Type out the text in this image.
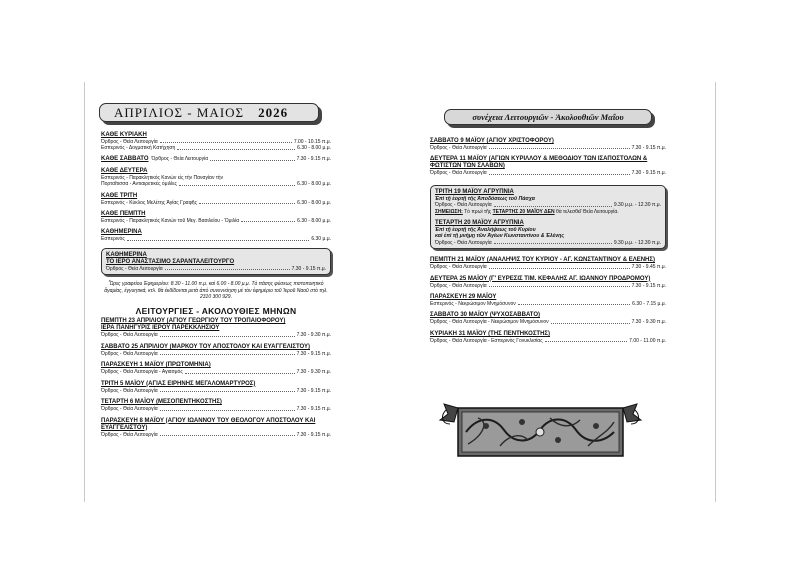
ΑΠΡΙΛΙΟΣ - ΜΑΙΟΣ 2026
ΚΑΘΕ ΚΥΡΙΑΚΗ
Όρθρος - Θεία Λειτουργία	7.00 - 10.15 π.μ.
Εσπερινός - Δογματική Κατήχηση	6.30 - 8.00 μ.μ.
ΚΑΘΕ ΣΑΒΒΑΤΟ Όρθρος - Θεία Λειτουργία	7.30 - 9.15 π.μ.
ΚΑΘΕ ΔΕΥΤΕΡΑ
Εσπερινός - Παρακλητικός Κανών εἰς τὴν Παναγίαν τὴν
Πορταΐτισσα - Αντιαιρετικές ὁμιλίες	6.30 - 8.00 μ.μ.
ΚΑΘΕ ΤΡΙΤΗ
Εσπερινός - Κύκλος Μελέτης Ἁγίας Γραφῆς	6.30 - 8.00 μ.μ.
ΚΑΘΕ ΠΕΜΠΤΗ
Εσπερινός - Παρακλητικός Κανών τοῦ Μεγ. Βασιλείου - Ὁμιλία	6.30 - 8.00 μ.μ.
ΚΑΘΗΜΕΡΙΝΑ
Εσπερινός	6.30 μ.μ.
ΚΑΘΗΜΕΡΙΝΑ
ΤΟ ΙΕΡΟ ΑΝΑΣΤΑΣΙΜΟ ΣΑΡΑΝΤΑΛΕΙΤΟΥΡΓΟ
Όρθρος - Θεία Λειτουργία	7.30 - 9.15 π.μ.
Ὧρες γραφείου Ἑφημερίου: 8.30 - 11.00 π.μ. καὶ 6.00 - 8.00 μ.μ. Τὸ πάσης φύσεως πιστοποιητικὸ ἄγαμίας, ἐγγυητικά, κτλ. θὰ ἐκδίδονται μετὰ ἀπὸ συνεννόηση μὲ τὸν ἐφημέριο τοῦ Ἱεροῦ Ναοῦ στὸ τηλ. 2310 300 929.
ΛΕΙΤΟΥΡΓΙΕΣ - ΑΚΟΛΟΥΘΙΕΣ ΜΗΝΩΝ
ΠΕΜΠΤΗ 23 ΑΠΡΙΛΙΟΥ (ΑΓΙΟΥ ΓΕΩΡΓΙΟΥ ΤΟΥ ΤΡΟΠΑΙΟΦΟΡΟΥ)
ΙΕΡΑ ΠΑΝΗΓΥΡΙΣ ΙΕΡΟΥ ΠΑΡΕΚΚΛΗΣΙΟΥ
Όρθρος - Θεία Λειτουργία	7.30 - 9.30 π.μ.
ΣΑΒΒΑΤΟ 25 ΑΠΡΙΛΙΟΥ (ΜΑΡΚΟΥ ΤΟΥ ΑΠΟΣΤΟΛΟΥ ΚΑΙ ΕΥΑΓΓΕΛΙΣΤΟΥ)
Όρθρος - Θεία Λειτουργία	7.30 - 9.15 π.μ.
ΠΑΡΑΣΚΕΥΗ 1 ΜΑΪΟΥ (ΠΡΩΤΟΜΗΝΙΑ)
Όρθρος - Θεία Λειτουργία - Αγιασμός	7.30 - 9.30 π.μ.
ΤΡΙΤΗ 5 ΜΑΪΟΥ (ΑΓΙΑΣ ΕΙΡΗΝΗΣ ΜΕΓΑΛΟΜΑΡΤΥΡΟΣ)
Όρθρος - Θεία Λειτουργία	7.30 - 9.15 π.μ.
ΤΕΤΑΡΤΗ 6 ΜΑΪΟΥ (ΜΕΣΟΠΕΝΤΗΚΟΣΤΗΣ)
Όρθρος - Θεία Λειτουργία	7.30 - 9.15 π.μ.
ΠΑΡΑΣΚΕΥΗ 8 ΜΑΪΟΥ (ΑΓΙΟΥ ΙΩΑΝΝΟΥ ΤΟΥ ΘΕΟΛΟΓΟΥ ΑΠΟΣΤΟΛΟΥ ΚΑΙ
ΕΥΑΓΓΕΛΙΣΤΟΥ)
Όρθρος - Θεία Λειτουργία	7.30 - 9.15 π.μ.
συνέχεια Λειτουργιῶν - Ἀκολουθιῶν Μαΐου
ΣΑΒΒΑΤΟ 9 ΜΑΪΟΥ (ΑΓΙΟΥ ΧΡΙΣΤΟΦΟΡΟΥ)
Όρθρος - Θεία Λειτουργία	7.30 - 9.15 π.μ.
ΔΕΥΤΕΡΑ 11 ΜΑΪΟΥ (ΑΓΙΩΝ ΚΥΡΙΛΛΟΥ & ΜΕΘΟΔΙΟΥ ΤΩΝ ΙΣΑΠΟΣΤΟΛΩΝ &
ΦΩΤΙΣΤΩΝ ΤΩΝ ΣΛΑΒΩΝ)
Όρθρος - Θεία Λειτουργία	7.30 - 9.15 π.μ.
ΤΡΙΤΗ 19 ΜΑΪΟΥ ΑΓΡΥΠΝΙΑ
Ἐπὶ τῇ ἑορτῇ τῆς Ἀποδόσεως τοῦ Πάσχα
Όρθρος - Θεία Λειτουργία	9.30 μ.μ. - 12.30 π.μ.
ΣΗΜΕΙΩΣΗ: Τὸ πρωὶ τῆς ΤΕΤΑΡΤΗΣ 20 ΜΑΪΟΥ ΔΕΝ θὰ τελεσθεῖ Θεία Λειτουργία.
ΤΕΤΑΡΤΗ 20 ΜΑΪΟΥ ΑΓΡΥΠΝΙΑ
Ἐπὶ τῇ ἑορτῇ τῆς Ἀναλήψεως τοῦ Κυρίου
καὶ ἐπὶ τῇ μνήμῃ τῶν Ἁγίων Κωνσταντίνου & Ἑλένης
Όρθρος - Θεία Λειτουργία	9.30 μ.μ. - 12.30 π.μ.
ΠΕΜΠΤΗ 21 ΜΑΪΟΥ (ΑΝΑΛΗΨΙΣ ΤΟΥ ΚΥΡΙΟΥ - ΑΓ. ΚΩΝΣΤΑΝΤΙΝΟΥ & ΕΛΕΝΗΣ)
Όρθρος - Θεία Λειτουργία	7.30 - 9.45 π.μ.
ΔΕΥΤΕΡΑ 25 ΜΑΪΟΥ (Γ' ΕΥΡΕΣΙΣ ΤΙΜ. ΚΕΦΑΛΗΣ ΑΓ. ΙΩΑΝΝΟΥ ΠΡΟΔΡΟΜΟΥ)
Όρθρος - Θεία Λειτουργία	7.30 - 9.15 π.μ.
ΠΑΡΑΣΚΕΥΗ 29 ΜΑΪΟΥ
Εσπερινός - Νεκρώσιμον Μνημόσυνον	6.30 - 7.15 μ.μ.
ΣΑΒΒΑΤΟ 30 ΜΑΪΟΥ (ΨΥΧΟΣΑΒΒΑΤΟ)
Όρθρος - Θεία Λειτουργία - Νεκρώσιμον Μνημόσυνον	7.30 - 9.30 π.μ.
ΚΥΡΙΑΚΗ 31 ΜΑΪΟΥ (ΤΗΣ ΠΕΝΤΗΚΟΣΤΗΣ)
Όρθρος - Θεία Λειτουργία - Εσπερινὸς Γονυκλισίας	7.00 - 11.00 π.μ.
